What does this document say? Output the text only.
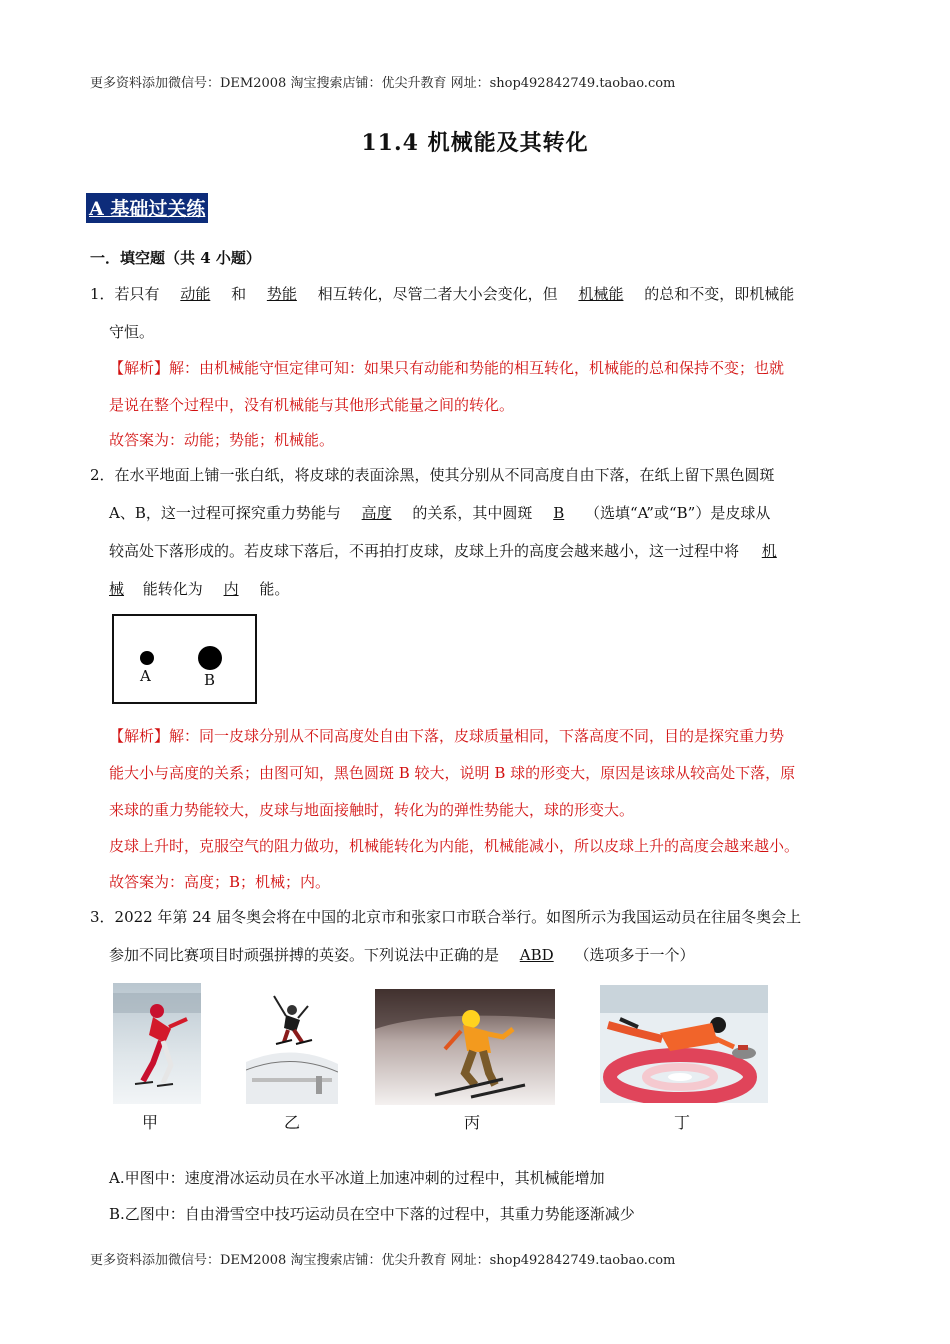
更多资料添加微信号：DEM2008 淘宝搜索店铺：优尖升教育 网址：shop492842749.taobao.com
11.4 机械能及其转化
A 基础过关练
一．填空题（共 4 小题）
1．若只有 动能 和 势能 相互转化，尽管二者大小会变化，但 机械能 的总和不变，即机械能
守恒。
【解析】解：由机械能守恒定律可知：如果只有动能和势能的相互转化，机械能的总和保持不变；也就
是说在整个过程中，没有机械能与其他形式能量之间的转化。
故答案为：动能；势能；机械能。
2．在水平地面上铺一张白纸，将皮球的表面涂黑，使其分别从不同高度自由下落，在纸上留下黑色圆斑
A、B，这一过程可探究重力势能与 高度 的关系，其中圆斑 B （选填“A”或“B”）是皮球从
较高处下落形成的。若皮球下落后，不再拍打皮球，皮球上升的高度会越来越小，这一过程中将 机
械 能转化为 内 能。
A	B
【解析】解：同一皮球分别从不同高度处自由下落，皮球质量相同，下落高度不同，目的是探究重力势
能大小与高度的关系；由图可知，黑色圆斑 B 较大，说明 B 球的形变大，原因是该球从较高处下落，原
来球的重力势能较大，皮球与地面接触时，转化为的弹性势能大，球的形变大。
皮球上升时，克服空气的阻力做功，机械能转化为内能，机械能减小，所以皮球上升的高度会越来越小。
故答案为：高度；B；机械；内。
3．2022 年第 24 届冬奥会将在中国的北京市和张家口市联合举行。如图所示为我国运动员在往届冬奥会上
参加不同比赛项目时顽强拼搏的英姿。下列说法中正确的是 ABD （选项多于一个）
甲	乙	丙	丁
A.甲图中：速度滑冰运动员在水平冰道上加速冲刺的过程中，其机械能增加
B.乙图中：自由滑雪空中技巧运动员在空中下落的过程中，其重力势能逐渐减少
更多资料添加微信号：DEM2008 淘宝搜索店铺：优尖升教育 网址：shop492842749.taobao.com
